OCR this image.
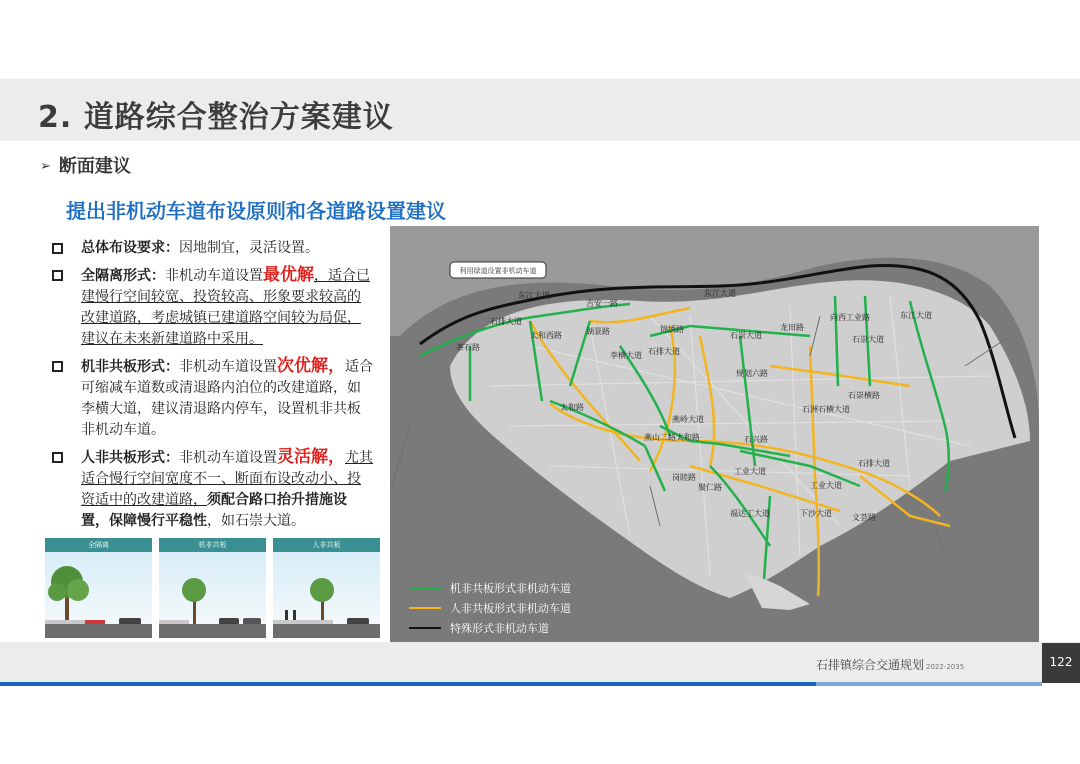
2. 道路综合整治方案建议
➢ 断面建议
提出非机动车道布设原则和各道路设置建议
总体布设要求：因地制宜，灵活设置。
全隔离形式：非机动车道设置最优解，适合已建慢行空间较宽、投资较高、形象要求较高的改建道路，考虑城镇已建道路空间较为局促，建议在未来新建道路中采用。
机非共板形式：非机动车道设置次优解，适合可缩减车道数或清退路内泊位的改建道路，如李横大道，建议清退路内停车，设置机非共板非机动车道。
人非共板形式：非机动车道设置灵活解，尤其适合慢行空间宽度不一、断面布设改动小、投资适中的改建道路，须配合路口抬升措施设置，保障慢行平稳性，如石崇大道。
全隔离	机非共板	人非共板
利用绿道设置非机动车道
东江大道
吉安一路
石排大道
东江大道
东江大道
茶石路
太和西路	湖景路
李横大道
锦绣路
石排大道
石崇大道
龙田路
向西工业路
石崇大道
规划六路
石崇横路
太和路
燕岭大道
太和路
石洲石横大道
燕山二路	石兴路
工业大道
石排大道
工业大道
岗睦路
聚仁路
福达工大道	下沙大道	文荟路
机非共板形式非机动车道
人非共板形式非机动车道
特殊形式非机动车道
石排镇综合交通规划 2022-2035	122
